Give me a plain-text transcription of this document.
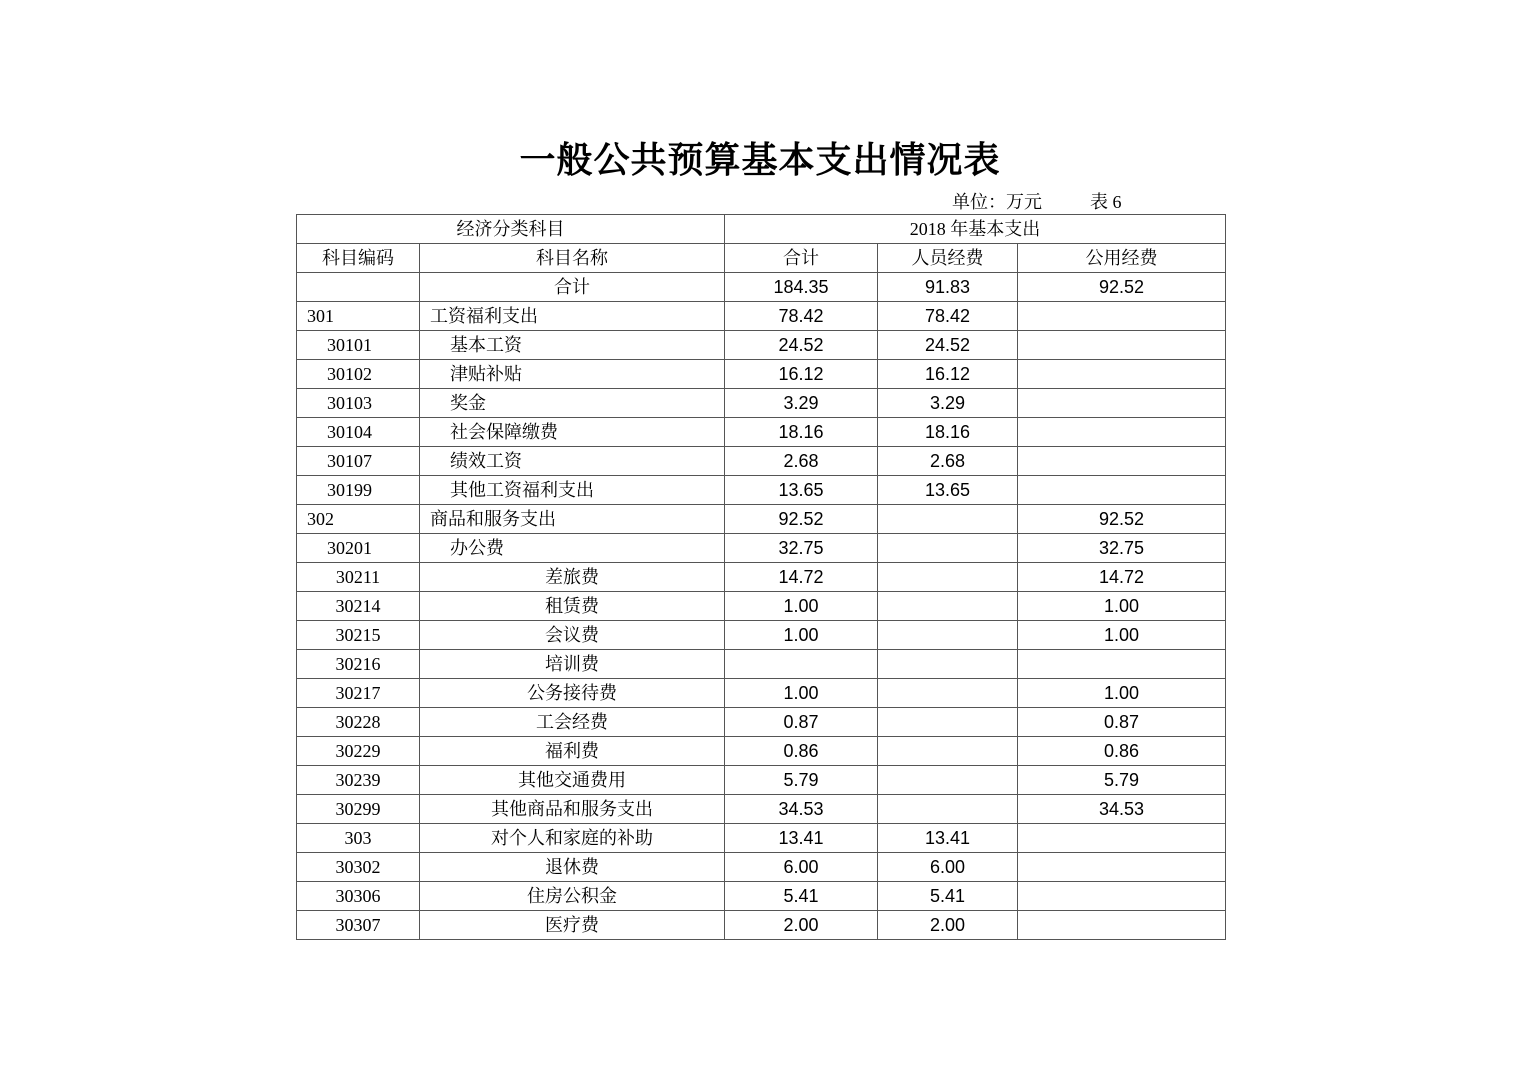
一般公共预算基本支出情况表
单位：万元	表 6
经济分类科目		2018 年基本支出		
科目编码	科目名称	合计	人员经费	公用经费
	合计	184.35	91.83	92.52
301	工资福利支出	78.42	78.42	
30101	基本工资	24.52	24.52	
30102	津贴补贴	16.12	16.12	
30103	奖金	3.29	3.29	
30104	社会保障缴费	18.16	18.16	
30107	绩效工资	2.68	2.68	
30199	其他工资福利支出	13.65	13.65	
302	商品和服务支出	92.52		92.52
30201	办公费	32.75		32.75
30211	差旅费	14.72		14.72
30214	租赁费	1.00		1.00
30215	会议费	1.00		1.00
30216	培训费			
30217	公务接待费	1.00		1.00
30228	工会经费	0.87		0.87
30229	福利费	0.86		0.86
30239	其他交通费用	5.79		5.79
30299	其他商品和服务支出	34.53		34.53
303	对个人和家庭的补助	13.41	13.41	
30302	退休费	6.00	6.00	
30306	住房公积金	5.41	5.41	
30307	医疗费	2.00	2.00	
